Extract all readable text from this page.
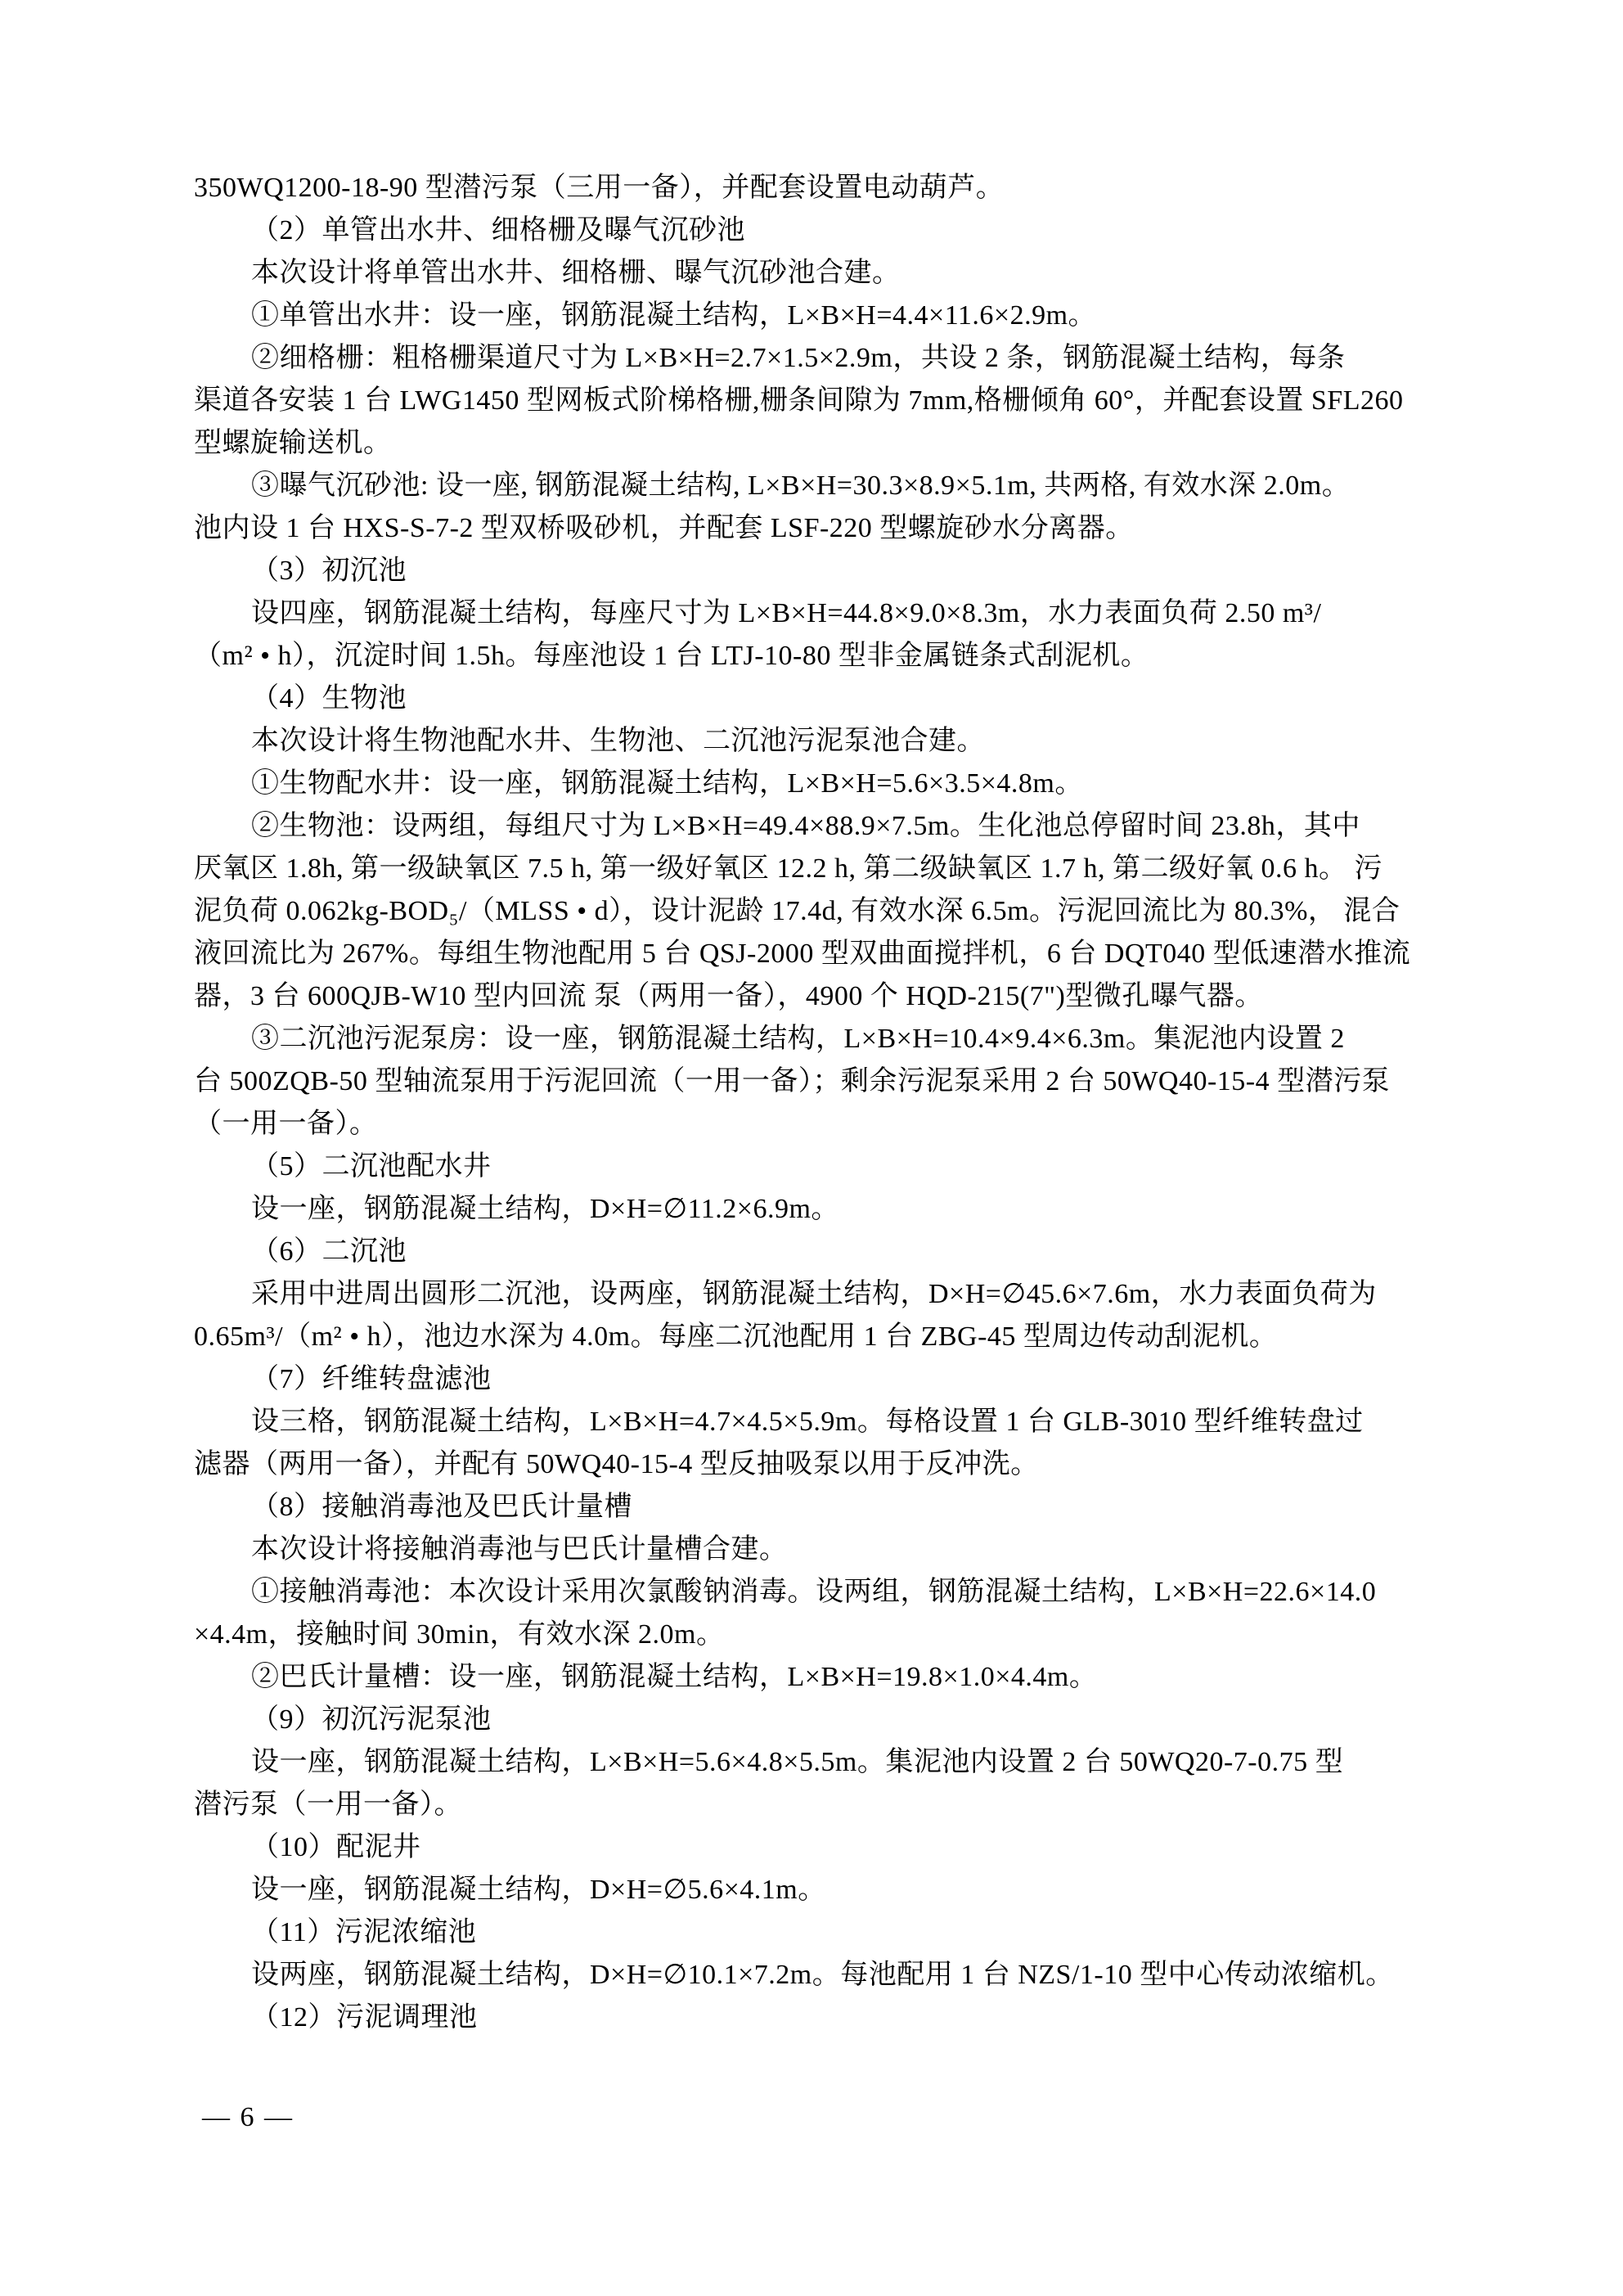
350WQ1200-18-90 型潜污泵（三用一备），并配套设置电动葫芦。
（2）单管出水井、细格栅及曝气沉砂池
本次设计将单管出水井、细格栅、曝气沉砂池合建。
①单管出水井：设一座，钢筋混凝土结构，L×B×H=4.4×11.6×2.9m。
②细格栅：粗格栅渠道尺寸为 L×B×H=2.7×1.5×2.9m，共设 2 条，钢筋混凝土结构，每条
渠道各安装 1 台 LWG1450 型网板式阶梯格栅,栅条间隙为 7mm,格栅倾角 60°，并配套设置 SFL260
型螺旋输送机。
③曝气沉砂池: 设一座, 钢筋混凝土结构, L×B×H=30.3×8.9×5.1m, 共两格, 有效水深 2.0m。
池内设 1 台 HXS-S-7-2 型双桥吸砂机，并配套 LSF-220 型螺旋砂水分离器。
（3）初沉池
设四座，钢筋混凝土结构，每座尺寸为 L×B×H=44.8×9.0×8.3m，水力表面负荷 2.50 m³/
（m² • h），沉淀时间 1.5h。每座池设 1 台 LTJ-10-80 型非金属链条式刮泥机。
（4）生物池
本次设计将生物池配水井、生物池、二沉池污泥泵池合建。
①生物配水井：设一座，钢筋混凝土结构，L×B×H=5.6×3.5×4.8m。
②生物池：设两组，每组尺寸为 L×B×H=49.4×88.9×7.5m。生化池总停留时间 23.8h，其中
厌氧区 1.8h, 第一级缺氧区 7.5 h, 第一级好氧区 12.2 h, 第二级缺氧区 1.7 h, 第二级好氧 0.6 h。 污
泥负荷 0.062kg-BOD₅/（MLSS • d），设计泥龄 17.4d, 有效水深 6.5m。污泥回流比为 80.3%， 混合
液回流比为 267%。每组生物池配用 5 台 QSJ-2000 型双曲面搅拌机，6 台 DQT040 型低速潜水推流
器，3 台 600QJB-W10 型内回流 泵（两用一备），4900 个 HQD-215(7")型微孔曝气器。
③二沉池污泥泵房：设一座，钢筋混凝土结构，L×B×H=10.4×9.4×6.3m。集泥池内设置 2
台 500ZQB-50 型轴流泵用于污泥回流（一用一备）；剩余污泥泵采用 2 台 50WQ40-15-4 型潜污泵
（一用一备）。
（5）二沉池配水井
设一座，钢筋混凝土结构，D×H=∅11.2×6.9m。
（6）二沉池
采用中进周出圆形二沉池，设两座，钢筋混凝土结构，D×H=∅45.6×7.6m，水力表面负荷为
0.65m³/（m² • h），池边水深为 4.0m。每座二沉池配用 1 台 ZBG-45 型周边传动刮泥机。
（7）纤维转盘滤池
设三格，钢筋混凝土结构，L×B×H=4.7×4.5×5.9m。每格设置 1 台 GLB-3010 型纤维转盘过
滤器（两用一备），并配有 50WQ40-15-4 型反抽吸泵以用于反冲洗。
（8）接触消毒池及巴氏计量槽
本次设计将接触消毒池与巴氏计量槽合建。
①接触消毒池：本次设计采用次氯酸钠消毒。设两组，钢筋混凝土结构，L×B×H=22.6×14.0
×4.4m，接触时间 30min，有效水深 2.0m。
②巴氏计量槽：设一座，钢筋混凝土结构，L×B×H=19.8×1.0×4.4m。
（9）初沉污泥泵池
设一座，钢筋混凝土结构，L×B×H=5.6×4.8×5.5m。集泥池内设置 2 台 50WQ20-7-0.75 型
潜污泵（一用一备）。
（10）配泥井
设一座，钢筋混凝土结构，D×H=∅5.6×4.1m。
（11）污泥浓缩池
设两座，钢筋混凝土结构，D×H=∅10.1×7.2m。每池配用 1 台 NZS/1-10 型中心传动浓缩机。
（12）污泥调理池
— 6 —
